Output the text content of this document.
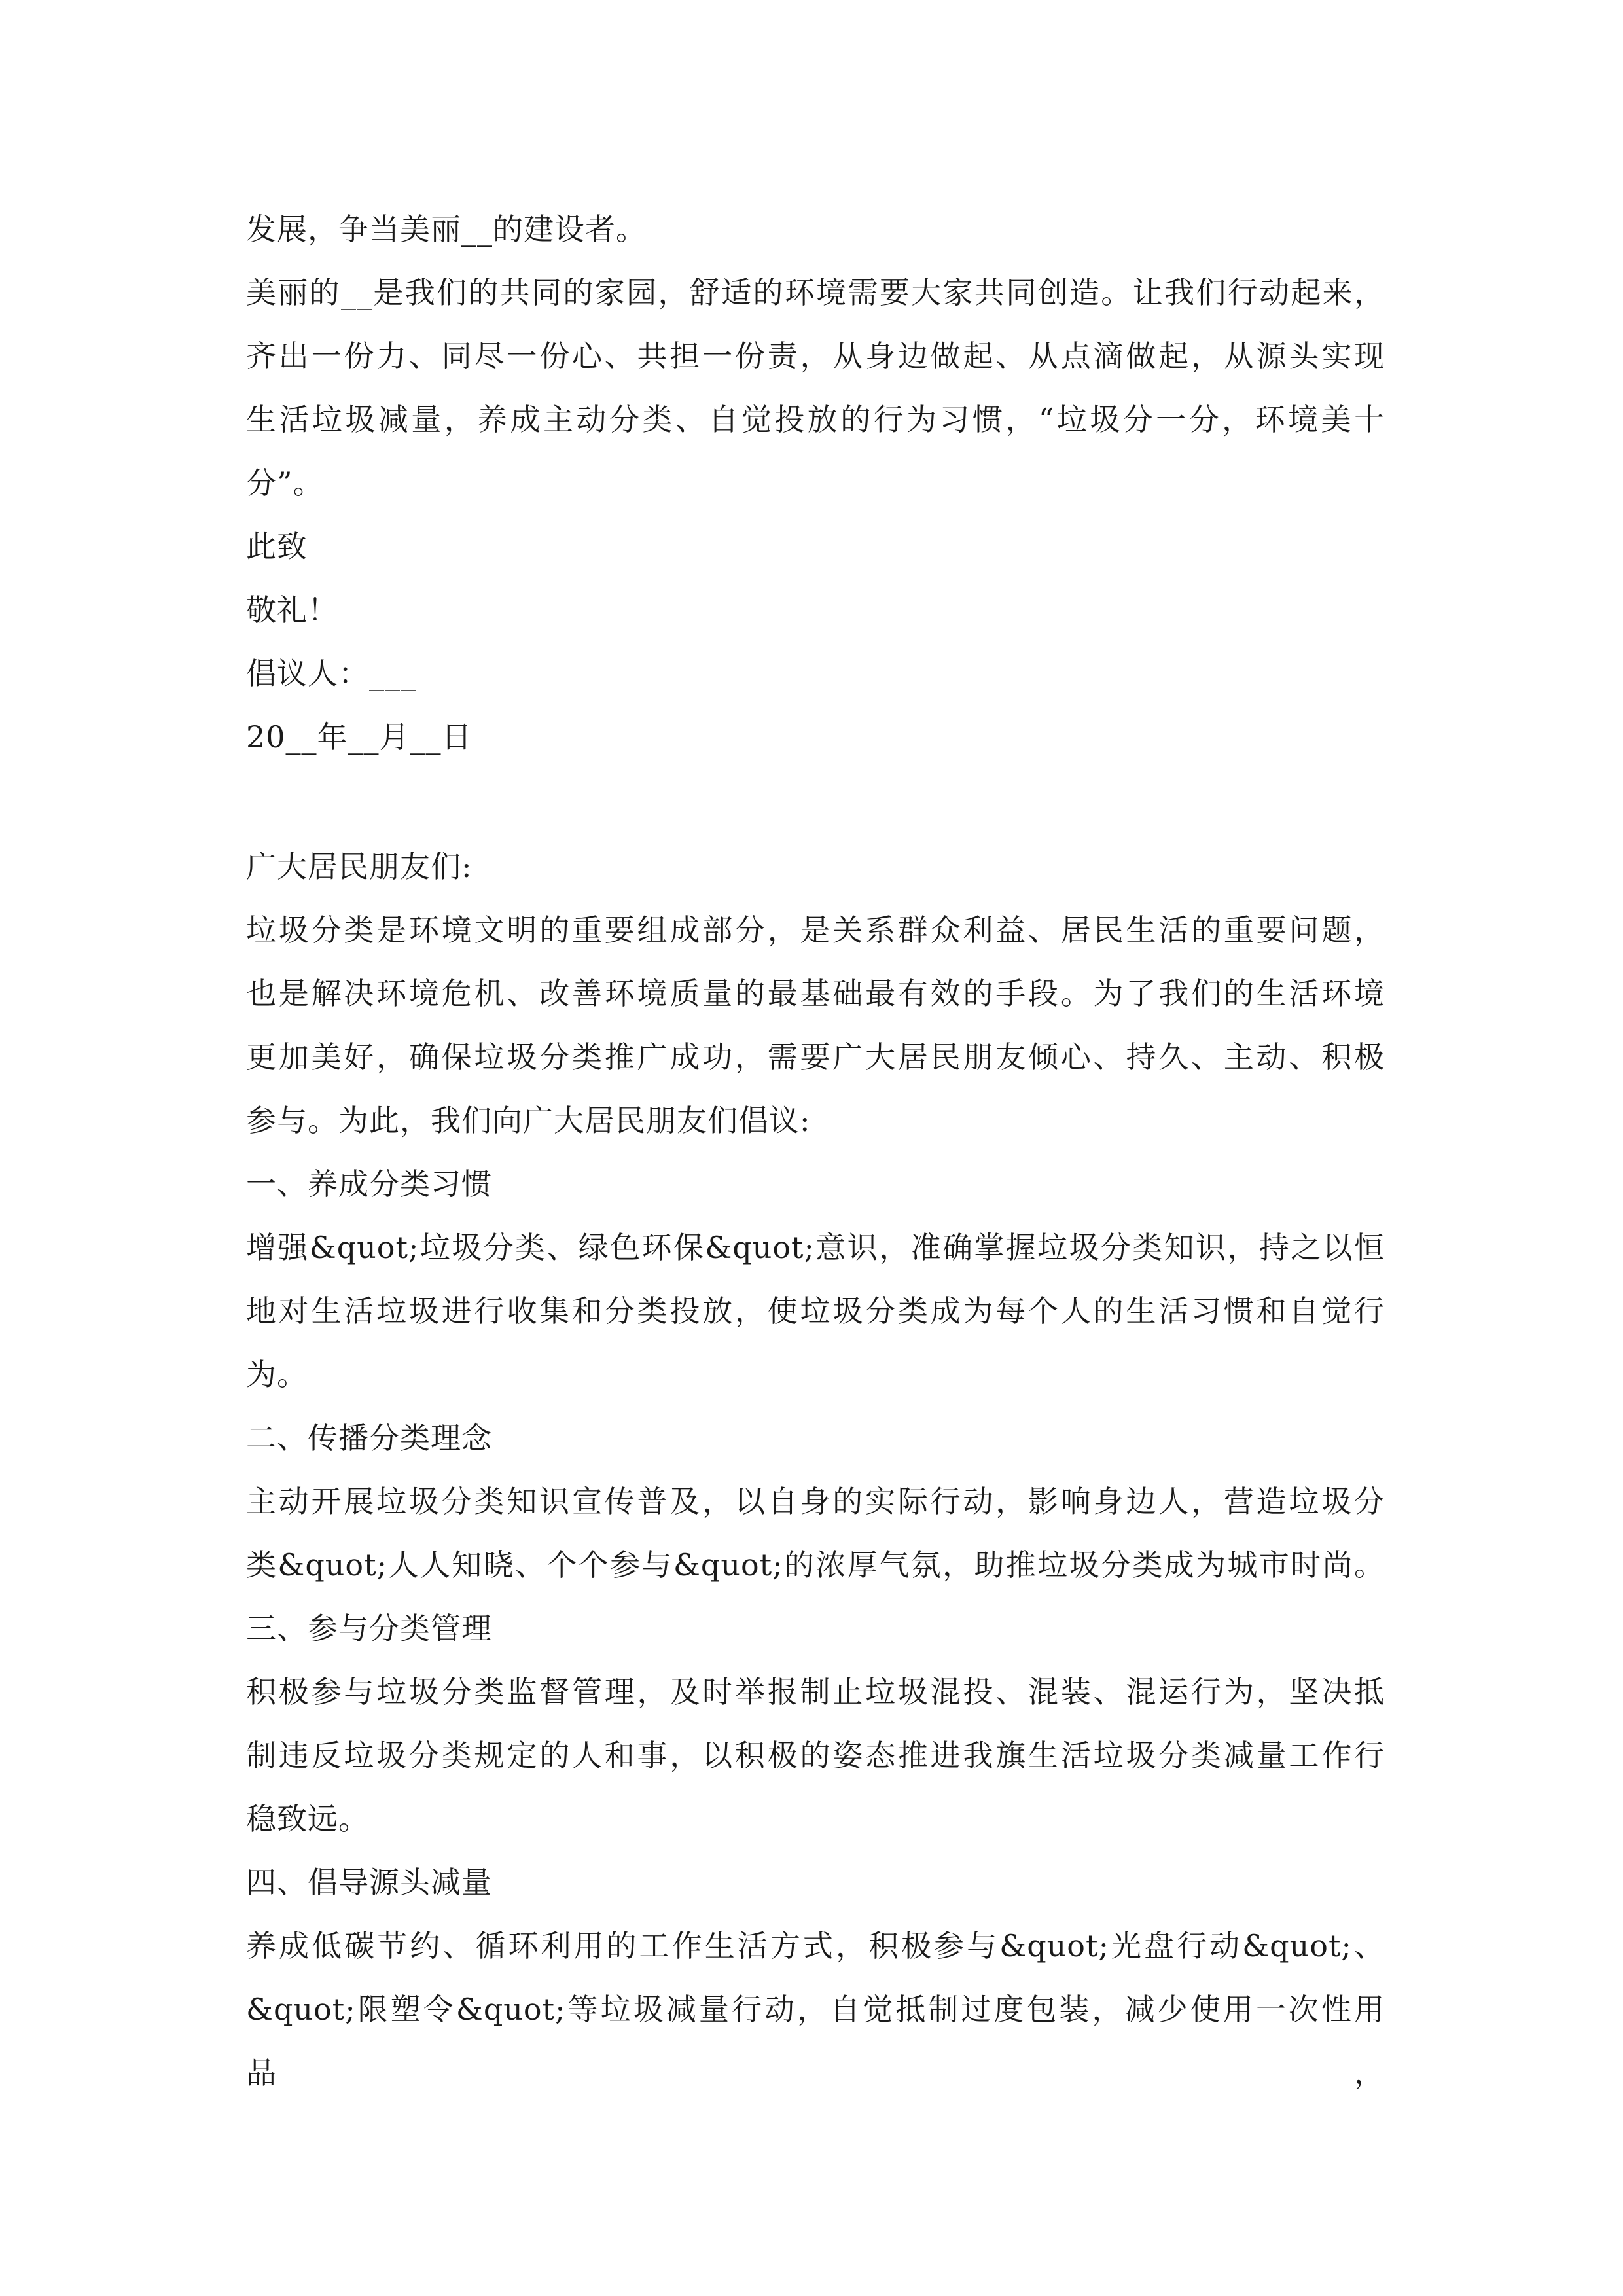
发展，争当美丽__的建设者。
美丽的__是我们的共同的家园，舒适的环境需要大家共同创造。让我们行动起来，
齐出一份力、同尽一份心、共担一份责，从身边做起、从点滴做起，从源头实现
生活垃圾减量，养成主动分类、自觉投放的行为习惯，“垃圾分一分，环境美十
分”。
此致
敬礼！
倡议人：___
20__年__月__日
广大居民朋友们:
垃圾分类是环境文明的重要组成部分，是关系群众利益、居民生活的重要问题，
也是解决环境危机、改善环境质量的最基础最有效的手段。为了我们的生活环境
更加美好，确保垃圾分类推广成功，需要广大居民朋友倾心、持久、主动、积极
参与。为此，我们向广大居民朋友们倡议:
一、养成分类习惯
增强&quot;垃圾分类、绿色环保&quot;意识，准确掌握垃圾分类知识，持之以恒
地对生活垃圾进行收集和分类投放，使垃圾分类成为每个人的生活习惯和自觉行
为。
二、传播分类理念
主动开展垃圾分类知识宣传普及，以自身的实际行动，影响身边人，营造垃圾分
类&quot;人人知晓、个个参与&quot;的浓厚气氛，助推垃圾分类成为城市时尚。
三、参与分类管理
积极参与垃圾分类监督管理，及时举报制止垃圾混投、混装、混运行为，坚决抵
制违反垃圾分类规定的人和事，以积极的姿态推进我旗生活垃圾分类减量工作行
稳致远。
四、倡导源头减量
养成低碳节约、循环利用的工作生活方式，积极参与&quot;光盘行动&quot;、
&quot;限塑令&quot;等垃圾减量行动，自觉抵制过度包装，减少使用一次性用品，
